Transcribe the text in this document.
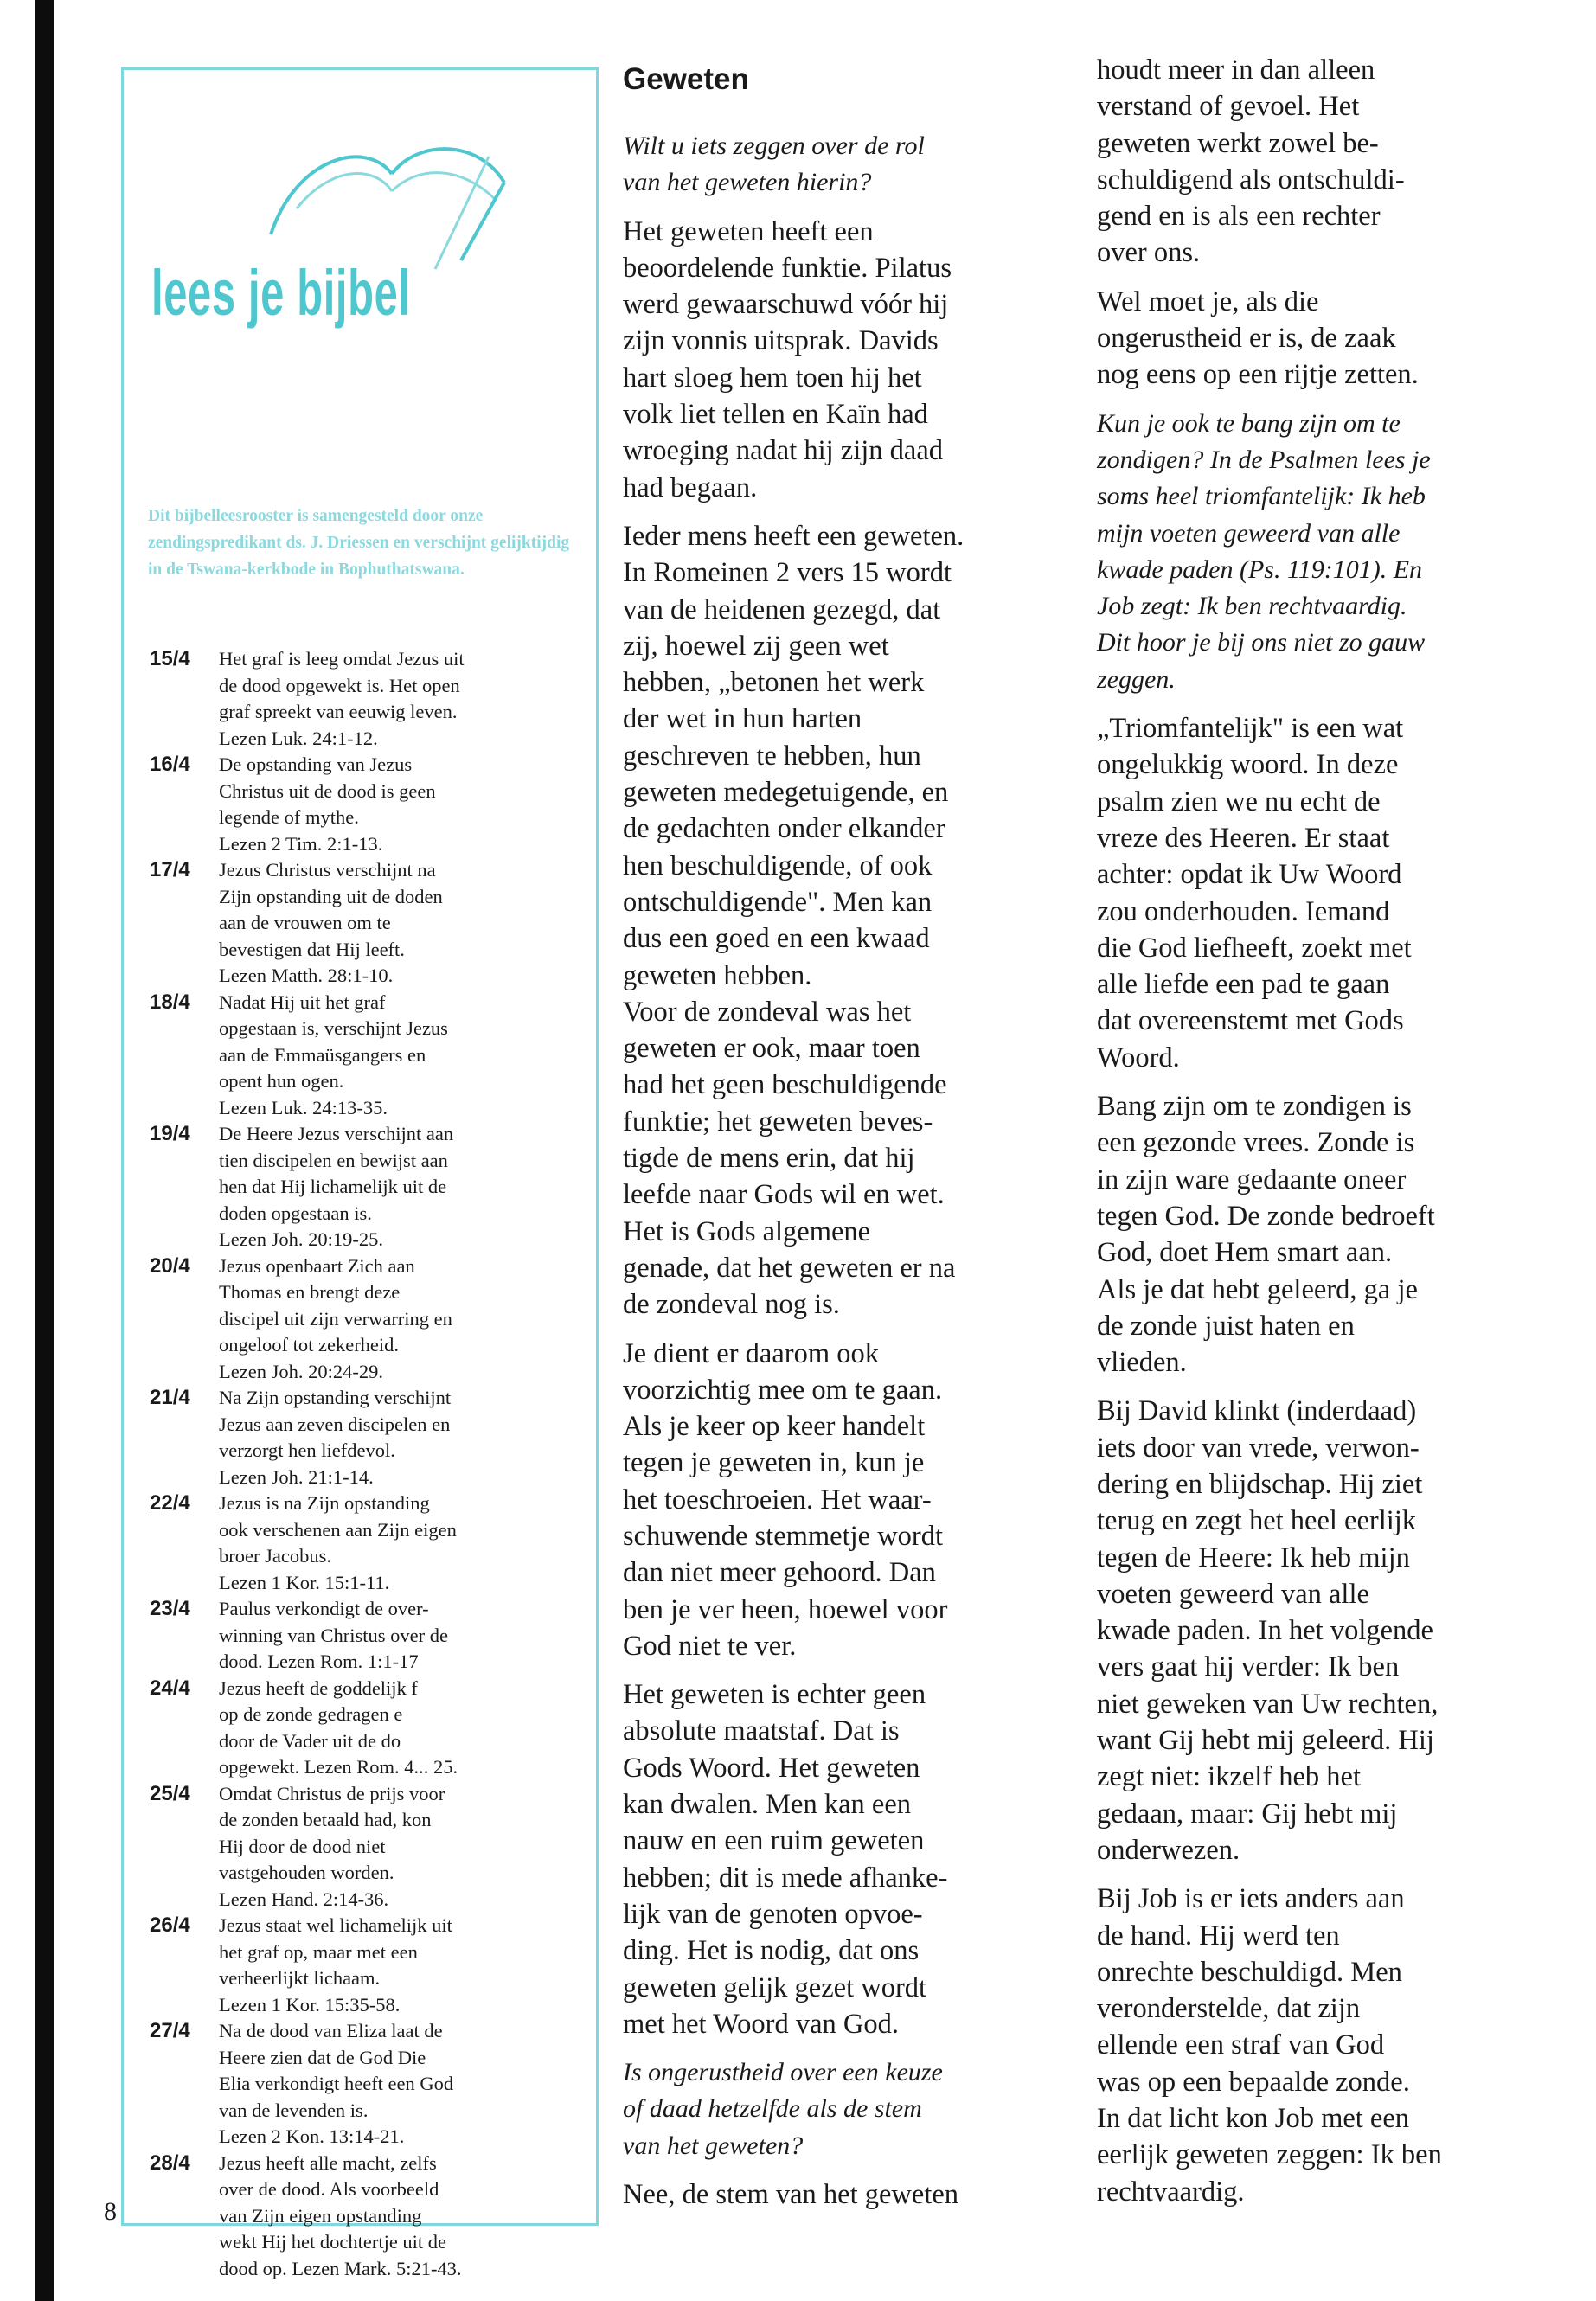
lees je bijbel
Dit bijbelleesrooster is samengesteld door onze zendingspredikant ds. J. Driessen en verschijnt gelijktijdig in de Tswana-kerkbode in Bophuthatswana.
15/4	Het graf is leeg omdat Jezus uit
de dood opgewekt is. Het open
graf spreekt van eeuwig leven.
Lezen Luk. 24:1-12.
16/4	De opstanding van Jezus
Christus uit de dood is geen
legende of mythe.
Lezen 2 Tim. 2:1-13.
17/4	Jezus Christus verschijnt na
Zijn opstanding uit de doden
aan de vrouwen om te
bevestigen dat Hij leeft.
Lezen Matth. 28:1-10.
18/4	Nadat Hij uit het graf
opgestaan is, verschijnt Jezus
aan de Emmaüsgangers en
opent hun ogen.
Lezen Luk. 24:13-35.
19/4	De Heere Jezus verschijnt aan
tien discipelen en bewijst aan
hen dat Hij lichamelijk uit de
doden opgestaan is.
Lezen Joh. 20:19-25.
20/4	Jezus openbaart Zich aan
Thomas en brengt deze
discipel uit zijn verwarring en
ongeloof tot zekerheid.
Lezen Joh. 20:24-29.
21/4	Na Zijn opstanding verschijnt
Jezus aan zeven discipelen en
verzorgt hen liefdevol.
Lezen Joh. 21:1-14.
22/4	Jezus is na Zijn opstanding
ook verschenen aan Zijn eigen
broer Jacobus.
Lezen 1 Kor. 15:1-11.
23/4	Paulus verkondigt de over-
winning van Christus over de
dood. Lezen Rom. 1:1-17
24/4	Jezus heeft de goddelijk f
op de zonde gedragen e
door de Vader uit de do
opgewekt. Lezen Rom. 4... 25.
25/4	Omdat Christus de prijs voor
de zonden betaald had, kon
Hij door de dood niet
vastgehouden worden.
Lezen Hand. 2:14-36.
26/4	Jezus staat wel lichamelijk uit
het graf op, maar met een
verheerlijkt lichaam.
Lezen 1 Kor. 15:35-58.
27/4	Na de dood van Eliza laat de
Heere zien dat de God Die
Elia verkondigt heeft een God
van de levenden is.
Lezen 2 Kon. 13:14-21.
28/4	Jezus heeft alle macht, zelfs
over de dood. Als voorbeeld
van Zijn eigen opstanding
wekt Hij het dochtertje uit de
dood op. Lezen Mark. 5:21-43.
Geweten

Wilt u iets zeggen over de rol
van het geweten hierin?

Het geweten heeft een
beoordelende funktie. Pilatus
werd gewaarschuwd vóór hij
zijn vonnis uitsprak. Davids
hart sloeg hem toen hij het
volk liet tellen en Kaïn had
wroeging nadat hij zijn daad
had begaan.

Ieder mens heeft een geweten.
In Romeinen 2 vers 15 wordt
van de heidenen gezegd, dat
zij, hoewel zij geen wet
hebben, „betonen het werk
der wet in hun harten
geschreven te hebben, hun
geweten medegetuigende, en
de gedachten onder elkander
hen beschuldigende, of ook
ontschuldigende". Men kan
dus een goed en een kwaad
geweten hebben.
Voor de zondeval was het
geweten er ook, maar toen
had het geen beschuldigende
funktie; het geweten beves-
tigde de mens erin, dat hij
leefde naar Gods wil en wet.
Het is Gods algemene
genade, dat het geweten er na
de zondeval nog is.

Je dient er daarom ook
voorzichtig mee om te gaan.
Als je keer op keer handelt
tegen je geweten in, kun je
het toeschroeien. Het waar-
schuwende stemmetje wordt
dan niet meer gehoord. Dan
ben je ver heen, hoewel voor
God niet te ver.

Het geweten is echter geen
absolute maatstaf. Dat is
Gods Woord. Het geweten
kan dwalen. Men kan een
nauw en een ruim geweten
hebben; dit is mede afhanke-
lijk van de genoten opvoe-
ding. Het is nodig, dat ons
geweten gelijk gezet wordt
met het Woord van God.

Is ongerustheid over een keuze
of daad hetzelfde als de stem
van het geweten?

Nee, de stem van het geweten

houdt meer in dan alleen
verstand of gevoel. Het
geweten werkt zowel be-
schuldigend als ontschuldi-
gend en is als een rechter
over ons.

Wel moet je, als die
ongerustheid er is, de zaak
nog eens op een rijtje zetten.

Kun je ook te bang zijn om te
zondigen? In de Psalmen lees je
soms heel triomfantelijk: Ik heb
mijn voeten geweerd van alle
kwade paden (Ps. 119:101). En
Job zegt: Ik ben rechtvaardig.
Dit hoor je bij ons niet zo gauw
zeggen.

„Triomfantelijk" is een wat
ongelukkig woord. In deze
psalm zien we nu echt de
vreze des Heeren. Er staat
achter: opdat ik Uw Woord
zou onderhouden. Iemand
die God liefheeft, zoekt met
alle liefde een pad te gaan
dat overeenstemt met Gods
Woord.

Bang zijn om te zondigen is
een gezonde vrees. Zonde is
in zijn ware gedaante oneer
tegen God. De zonde bedroeft
God, doet Hem smart aan.
Als je dat hebt geleerd, ga je
de zonde juist haten en
vlieden.

Bij David klinkt (inderdaad)
iets door van vrede, verwon-
dering en blijdschap. Hij ziet
terug en zegt het heel eerlijk
tegen de Heere: Ik heb mijn
voeten geweerd van alle
kwade paden. In het volgende
vers gaat hij verder: Ik ben
niet geweken van Uw rechten,
want Gij hebt mij geleerd. Hij
zegt niet: ikzelf heb het
gedaan, maar: Gij hebt mij
onderwezen.

Bij Job is er iets anders aan
de hand. Hij werd ten
onrechte beschuldigd. Men
veronderstelde, dat zijn
ellende een straf van God
was op een bepaalde zonde.
In dat licht kon Job met een
eerlijk geweten zeggen: Ik ben
rechtvaardig.

8
